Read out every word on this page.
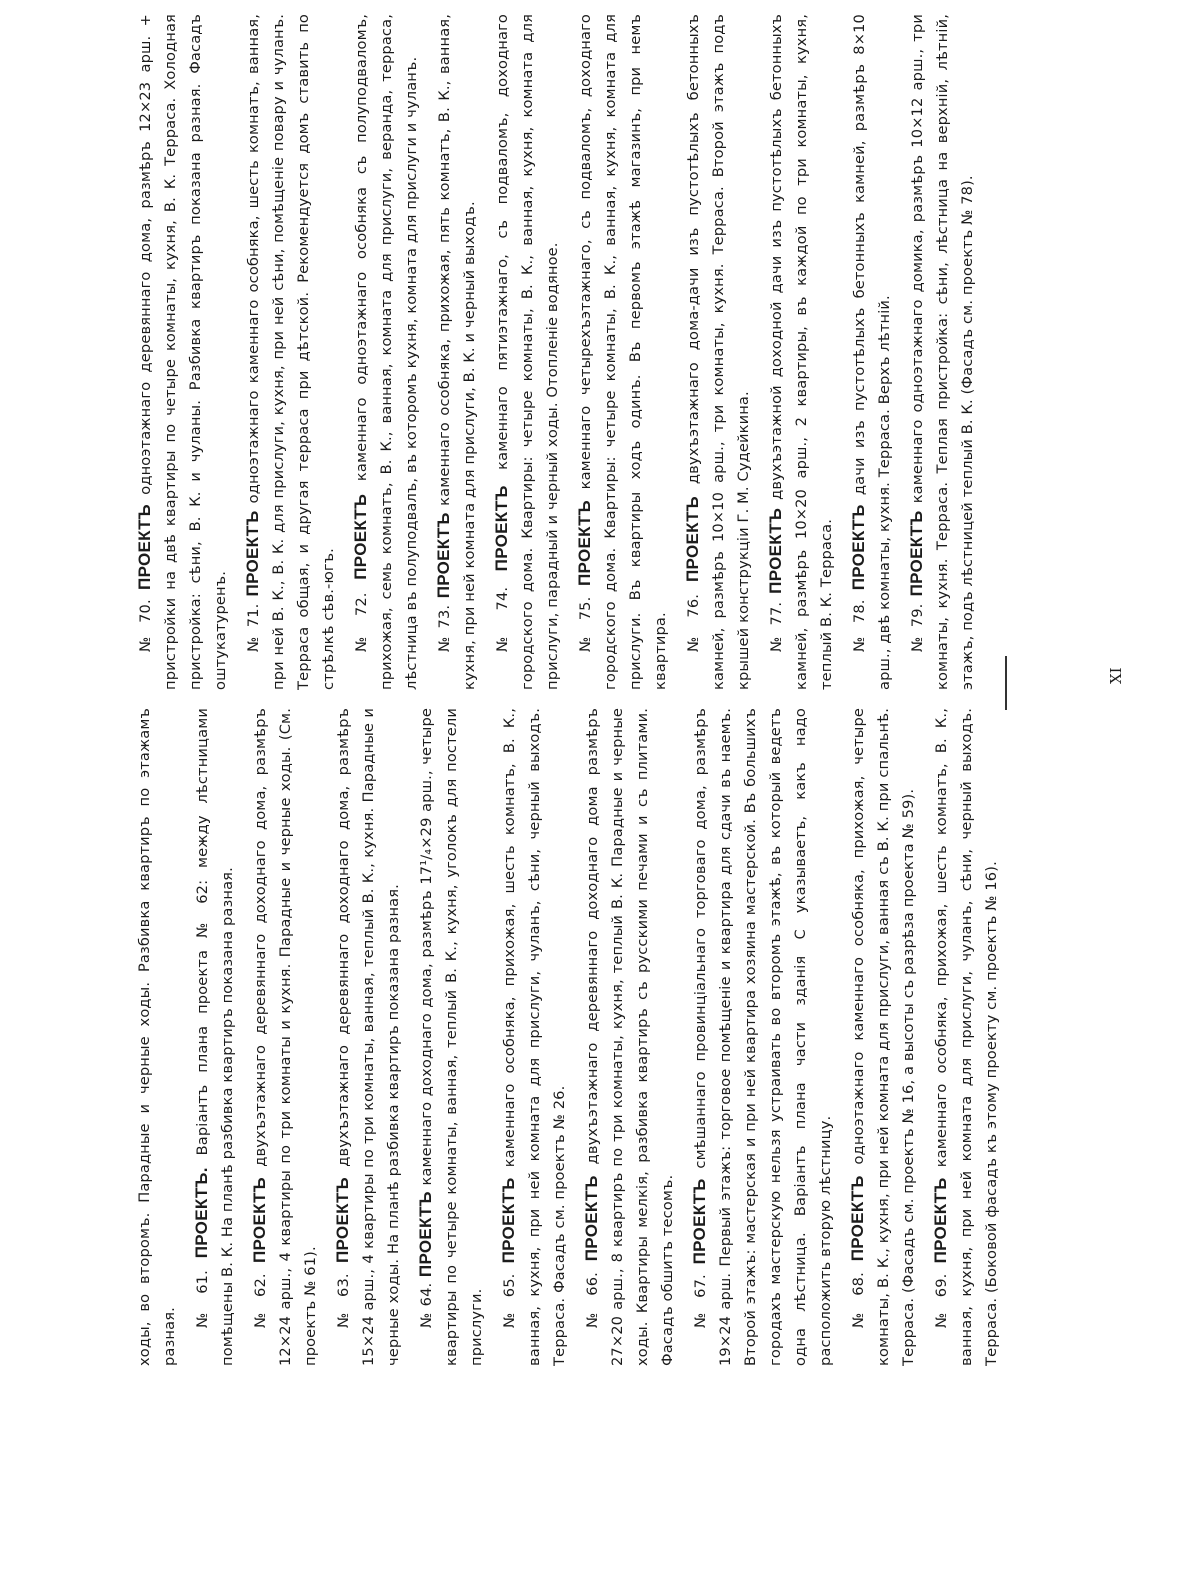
ходы, во второмъ. Парадные и черные ходы. Разбивка квартиръ по этажамъ разная.

№ 61. ПРОЕКТЪ. Варіантъ плана проекта № 62: между лѣстницами помѣщены В. К. На планѣ разбивка квартиръ показана разная.	№ 62. ПРОЕКТЪ двухъэтажнаго деревяннаго доходнаго дома, размѣръ 12×24 арш., 4 квартиры по три комнаты и кухня. Парадные и черные ходы. (См. проектъ № 61).	№ 63. ПРОЕКТЪ двухъэтажнаго деревяннаго доходнаго дома, размѣръ 15×24 арш., 4 квартиры по три комнаты, ванная, теплый В. К., кухня. Парадные и черные ходы. На планѣ разбивка квартиръ показана разная.	№ 64. ПРОЕКТЪ каменнаго доходнаго дома, размѣръ 17¹/₄×29 арш., четыре квартиры по четыре комнаты, ванная, теплый В. К., кухня, уголокъ для постели прислуги.	№ 65. ПРОЕКТЪ каменнаго особняка, прихожая, шесть комнатъ, В. К., ванная, кухня, при ней комната для прислуги, чуланъ, сѣни, черный выходъ. Терраса. Фасадъ см. проектъ № 26.	№ 66. ПРОЕКТЪ двухъэтажнаго деревяннаго доходнаго дома размѣръ 27×20 арш., 8 квартиръ по три комнаты, кухня, теплый В. К. Парадные и черные ходы. Квартиры мелкія, разбивка квартиръ съ русскими печами и съ плитами. Фасадъ обшитъ тесомъ.	№ 67. ПРОЕКТЪ смѣшаннаго провинціальнаго торговаго дома, размѣръ 19×24 арш. Первый этажъ: торговое помѣщеніе и квартира для сдачи въ наемъ. Второй этажъ: мастерская и при ней квартира хозяина мастерской. Въ большихъ городахъ мастерскую нельзя устраивать во второмъ этажѣ, въ который ведетъ одна лѣстница. Варіантъ плана части зданія С указываетъ, какъ надо расположить вторую лѣстницу.	№ 68. ПРОЕКТЪ одноэтажнаго каменнаго особняка, прихожая, четыре комнаты, В. К., кухня, при ней комната для прислуги, ванная съ В. К. при спальнѣ. Терраса. (Фасадъ см. проектъ № 16, а высоты съ разрѣза проекта № 59).	№ 69. ПРОЕКТЪ каменнаго особняка, прихожая, шесть комнатъ, В. К., ванная, кухня, при ней комната для прислуги, чуланъ, сѣни, черный выходъ. Терраса. (Боковой фасадъ къ этому проекту см. проектъ № 16).

№ 70. ПРОЕКТЪ одноэтажнаго деревяннаго дома, размѣръ 12×23 арш. + пристройки на двѣ квартиры по четыре комнаты, кухня, В. К. Терраса. Холодная пристройка: сѣни, В. К. и чуланы. Разбивка квартиръ показана разная. Фасадъ оштукатуренъ.	№ 71. ПРОЕКТЪ одноэтажнаго каменнаго особняка, шесть комнатъ, ванная, при ней В. К., В. К. для прислуги, кухня, при ней сѣни, помѣщеніе повару и чуланъ. Терраса общая, и другая терраса при дѣтской. Рекомендуется домъ ставить по стрѣлкѣ сѣв.-югъ.	№ 72. ПРОЕКТЪ каменнаго одноэтажнаго особняка съ полуподваломъ, прихожая, семь комнатъ, В. К., ванная, комната для прислуги, веранда, терраса, лѣстница въ полуподвалъ, въ которомъ кухня, комната для прислуги и чуланъ.	№ 73. ПРОЕКТЪ каменнаго особняка, прихожая, пять комнатъ, В. К., ванная, кухня, при ней комната для прислуги, В. К. и черный выходъ.	№ 74. ПРОЕКТЪ каменнаго пятиэтажнаго, съ подваломъ, доходнаго городского дома. Квартиры: четыре комнаты, В. К., ванная, кухня, комната для прислуги, парадный и черный ходы. Отопленіе водяное.	№ 75. ПРОЕКТЪ каменнаго четырехъэтажнаго, съ подваломъ, доходнаго городского дома. Квартиры: четыре комнаты, В. К., ванная, кухня, комната для прислуги. Въ квартиры ходъ одинъ. Въ первомъ этажѣ магазинъ, при немъ квартира.	№ 76. ПРОЕКТЪ двухъэтажнаго дома-дачи изъ пустотѣлыхъ бетонныхъ камней, размѣръ 10×10 арш., три комнаты, кухня. Терраса. Второй этажъ подъ крышей конструкціи Г. М. Судейкина.	№ 77. ПРОЕКТЪ двухъэтажной доходной дачи изъ пустотѣлыхъ бетонныхъ камней, размѣръ 10×20 арш., 2 квартиры, въ каждой по три комнаты, кухня, теплый В. К. Терраса.	№ 78. ПРОЕКТЪ дачи изъ пустотѣлыхъ бетонныхъ камней, размѣръ 8×10 арш., двѣ комнаты, кухня. Терраса. Верхъ лѣтній.	№ 79. ПРОЕКТЪ каменнаго одноэтажнаго домика, размѣръ 10×12 арш., три комнаты, кухня. Терраса. Теплая пристройка: сѣни, лѣстница на верхній, лѣтній, этажъ, подъ лѣстницей теплый В. К. (Фасадъ см. проектъ № 78).	XI
